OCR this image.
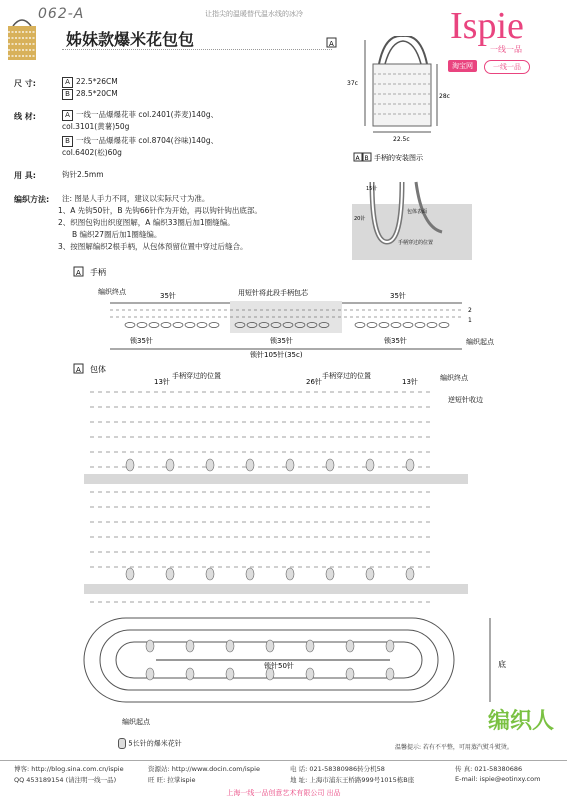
062-A	让指尖的温暖替代温水线的冰冷
姊妹款爆米花包包	Ispie
一线一品
淘宝网	一线一品
尺 寸:	A 22.5*26CM
B 28.5*20CM
线 材:	A 一线一品爆爆花菲 col.2401(荞麦)140g、
col.3101(黄薯)50g
B 一线一品爆爆花菲 col.8704(谷味)140g、
col.6402(松)60g
用 具:	钩针2.5mm
编织方法: 注: 图是人手力不同，建议以实际尺寸为准。
1、A 先钩50针，B 先钩66针作为开始，再以钩针钩出底部。
2、织图包钩出织度图解，A 编织33圈后加1圈缝编。
B 编织27圈后加1圈缝编。
3、按图解编织2根手柄，从包体预留位置中穿过后缝合。
A
37c
28c
22.5c
A B 手柄的安装图示
15针
20针
包体表面
手柄穿过的位置
A 手柄
编织终点	35针	用短针将此段手柄包芯	35针
2
1
锁35针	锁35针	锁35针
锁针105针(35c)
编织起点
A 包体
13针
手柄穿过的位置
26针
手柄穿过的位置
13针	编织终点
逆短针收边
锁针50针	底
编织起点
5长针的爆米花针	温馨提示: 若有不平整，可用蒸汽熨斗熨烫。
编织人
博客: http://blog.sina.com.cn/ispie
QQ 453189154 (请注明一线一品)
资源站: http://www.docin.com/ispie
旺 旺: 拉掌ispie
电 话: 021-58380986转分机58
地 址: 上海市浦东王桥路999号1015栋B座
传 真: 021-58380686
E-mail: ispie@eotinxy.com
上海一线一品创意艺术有限公司 出品
